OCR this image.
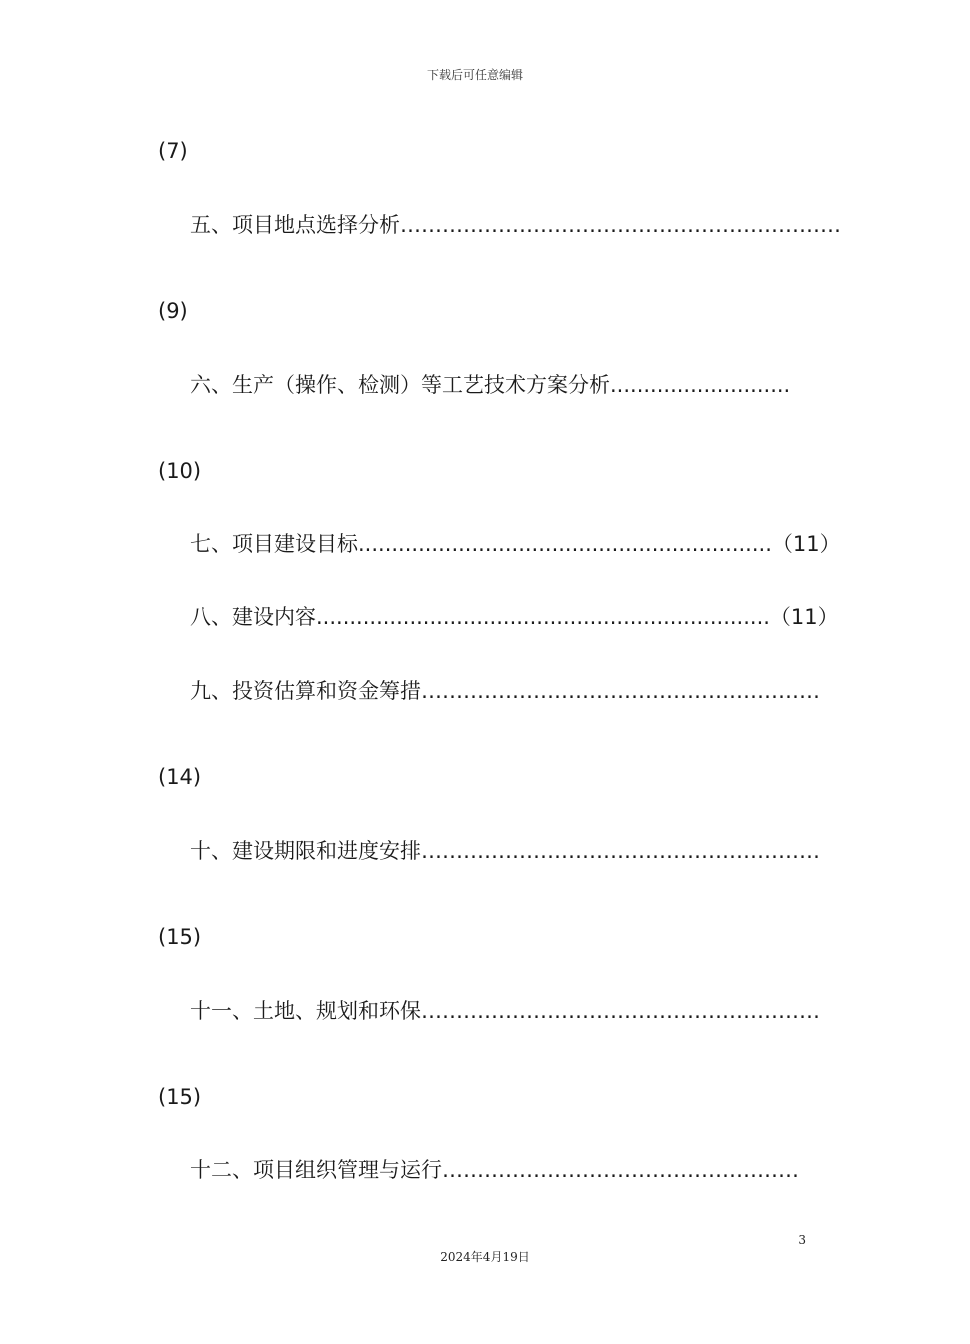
下载后可任意编辑
(7)
五、项目地点选择分析………………………………………………………
(9)
六、生产（操作、检测）等工艺技术方案分析...........................
(10)
七、项目建设目标..............................................................（11）
八、建设内容....................................................................（11）
九、投资估算和资金筹措…………………………………………………
(14)
十、建设期限和进度安排…………………………………………………
(15)
十一、土地、规划和环保…………………………………………………
(15)
十二、项目组织管理与运行……………………………………………
3
2024年4月19日
